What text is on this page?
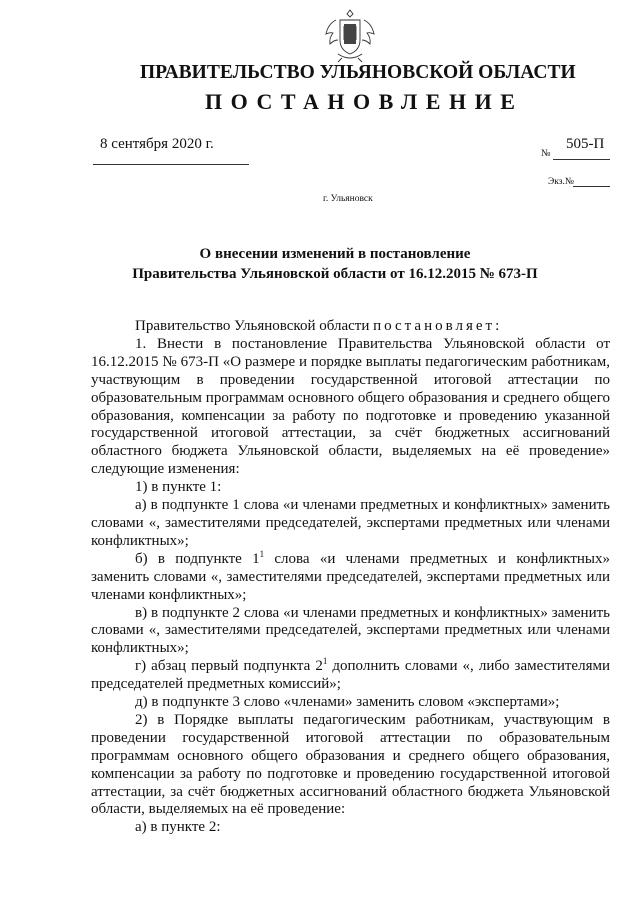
ПРАВИТЕЛЬСТВО УЛЬЯНОВСКОЙ ОБЛАСТИ
ПОСТАНОВЛЕНИЕ
8 сентября 2020 г.
№
505-П
Экз.№
г. Ульяновск
О внесении изменений в постановление
Правительства Ульяновской области от 16.12.2015 № 673-П

Правительство Ульяновской области постановляет:

1. Внести в постановление Правительства Ульяновской области от 16.12.2015 № 673-П «О размере и порядке выплаты педагогическим работникам, участвующим в проведении государственной итоговой аттестации по образовательным программам основного общего образования и среднего общего образования, компенсации за работу по подготовке и проведению указанной государственной итоговой аттестации, за счёт бюджетных ассигнований областного бюджета Ульяновской области, выделяемых на её проведение» следующие изменения:

1) в пункте 1:

а) в подпункте 1 слова «и членами предметных и конфликтных» заменить словами «, заместителями председателей, экспертами предметных или членами конфликтных»;

б) в подпункте $1^1$ слова «и членами предметных и конфликтных» заменить словами «, заместителями председателей, экспертами предметных или членами конфликтных»;

в) в подпункте 2 слова «и членами предметных и конфликтных» заменить словами «, заместителями председателей, экспертами предметных или членами конфликтных»;

г) абзац первый подпункта $2^1$ дополнить словами «, либо заместителями председателей предметных комиссий»;

д) в подпункте 3 слово «членами» заменить словом «экспертами»;

2) в Порядке выплаты педагогическим работникам, участвующим в проведении государственной итоговой аттестации по образовательным программам основного общего образования и среднего общего образования, компенсации за работу по подготовке и проведению государственной итоговой аттестации, за счёт бюджетных ассигнований областного бюджета Ульяновской области, выделяемых на её проведение:

а) в пункте 2:
